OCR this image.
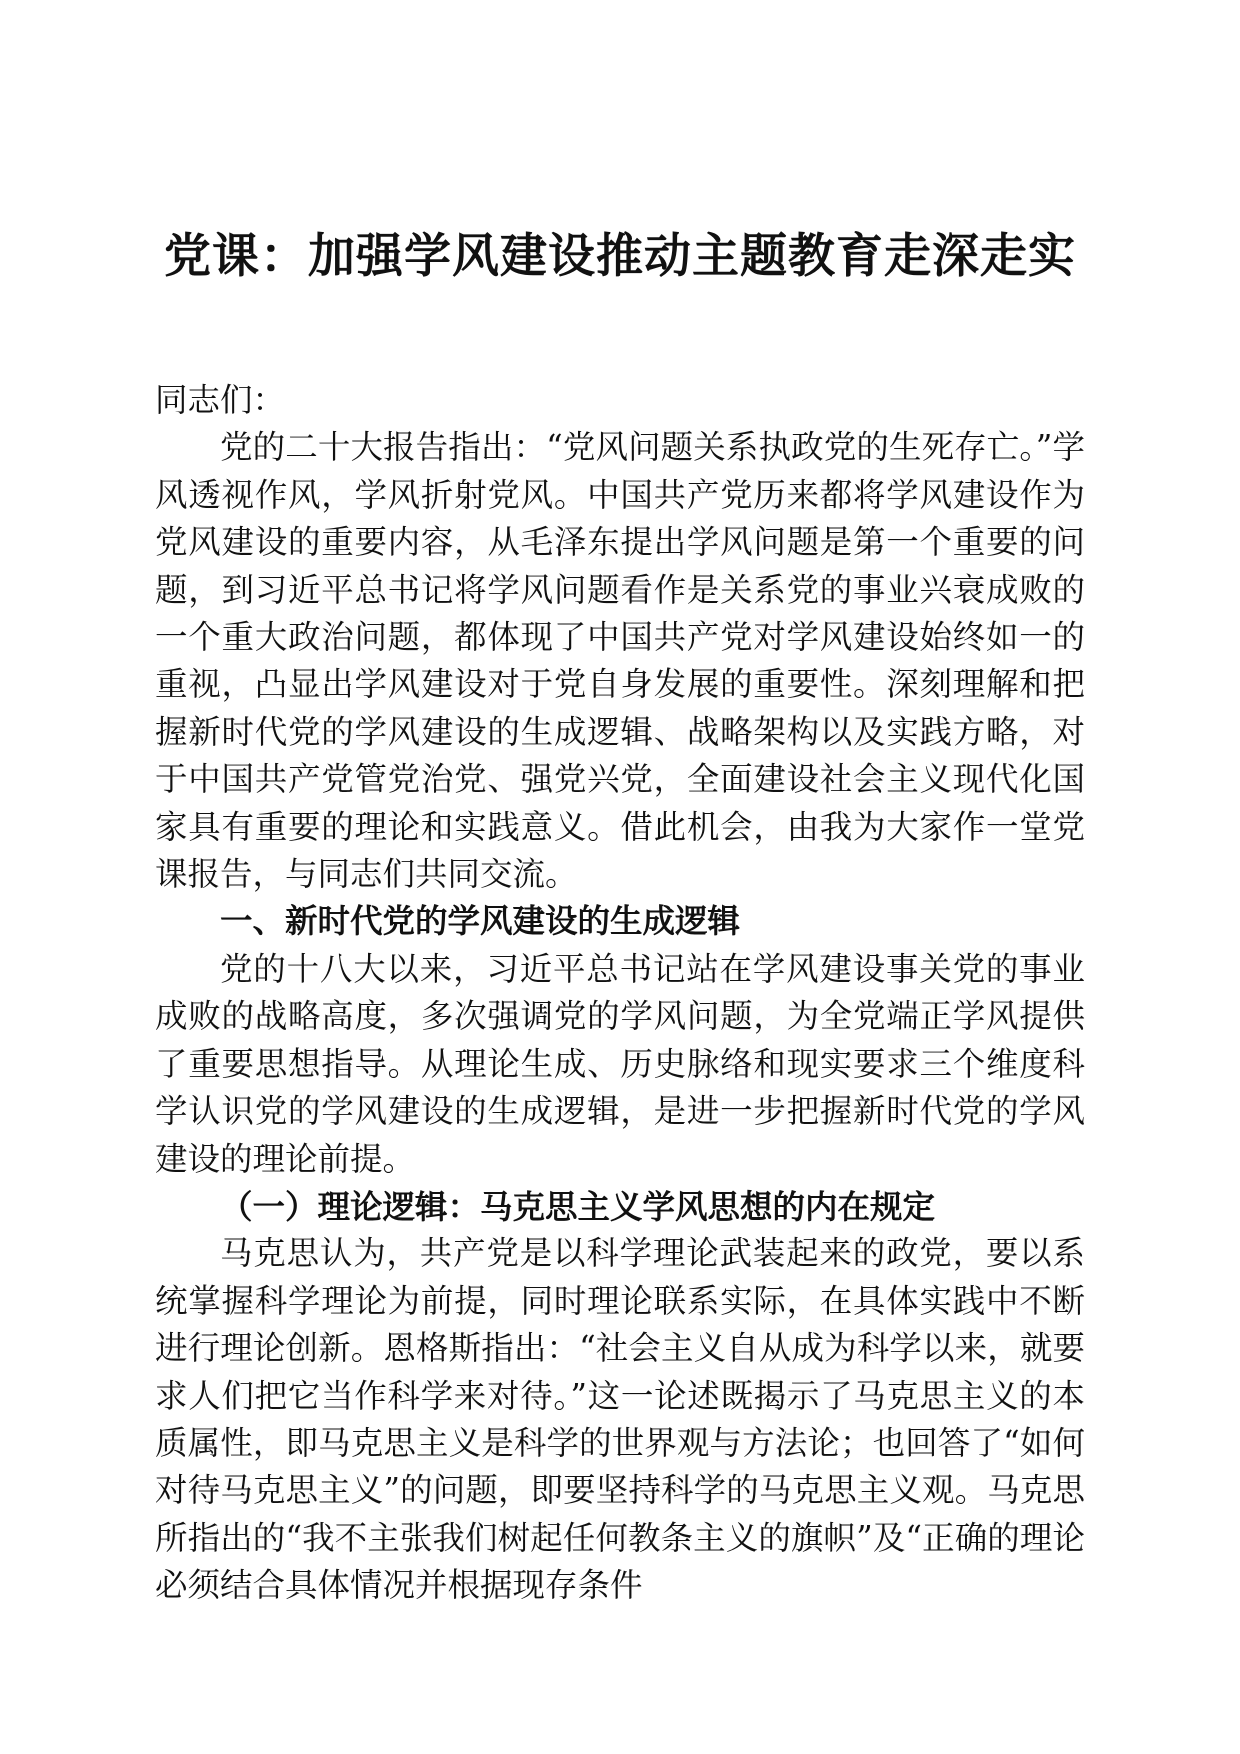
党课：加强学风建设推动主题教育走深走实

同志们：

党的二十大报告指出：“党风问题关系执政党的生死存亡。”学风透视作风，学风折射党风。中国共产党历来都将学风建设作为党风建设的重要内容，从毛泽东提出学风问题是第一个重要的问题，到习近平总书记将学风问题看作是关系党的事业兴衰成败的一个重大政治问题，都体现了中国共产党对学风建设始终如一的重视，凸显出学风建设对于党自身发展的重要性。深刻理解和把握新时代党的学风建设的生成逻辑、战略架构以及实践方略，对于中国共产党管党治党、强党兴党，全面建设社会主义现代化国家具有重要的理论和实践意义。借此机会，由我为大家作一堂党课报告，与同志们共同交流。

一、新时代党的学风建设的生成逻辑

党的十八大以来，习近平总书记站在学风建设事关党的事业成败的战略高度，多次强调党的学风问题，为全党端正学风提供了重要思想指导。从理论生成、历史脉络和现实要求三个维度科学认识党的学风建设的生成逻辑，是进一步把握新时代党的学风建设的理论前提。

（一）理论逻辑：马克思主义学风思想的内在规定

马克思认为，共产党是以科学理论武装起来的政党，要以系统掌握科学理论为前提，同时理论联系实际，在具体实践中不断进行理论创新。恩格斯指出：“社会主义自从成为科学以来，就要求人们把它当作科学来对待。”这一论述既揭示了马克思主义的本质属性，即马克思主义是科学的世界观与方法论；也回答了“如何对待马克思主义”的问题，即要坚持科学的马克思主义观。马克思所指出的“我不主张我们树起任何教条主义的旗帜”及“正确的理论必须结合具体情况并根据现存条件
